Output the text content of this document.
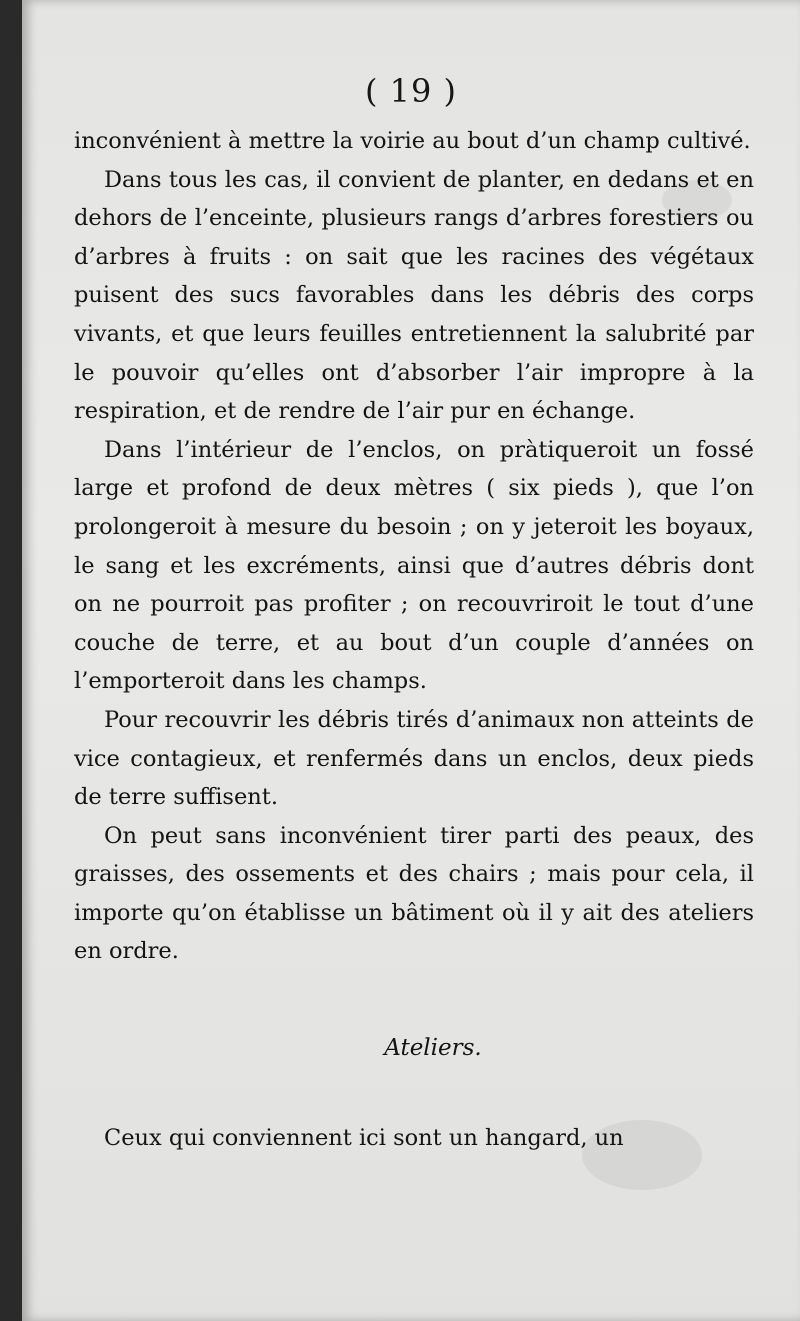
( 19 )

inconvénient à mettre la voirie au bout d’un champ cultivé.

Dans tous les cas, il convient de planter, en dedans et en dehors de l’enceinte, plusieurs rangs d’arbres forestiers ou d’arbres à fruits : on sait que les racines des végétaux puisent des sucs favorables dans les débris des corps vivants, et que leurs feuilles entretiennent la salubrité par le pouvoir qu’elles ont d’absorber l’air impropre à la respiration, et de rendre de l’air pur en échange.

Dans l’intérieur de l’enclos, on pràtiqueroit un fossé large et profond de deux mètres ( six pieds ), que l’on prolongeroit à mesure du besoin ; on y jeteroit les boyaux, le sang et les excréments, ainsi que d’autres débris dont on ne pourroit pas profiter ; on recouvriroit le tout d’une couche de terre, et au bout d’un couple d’années on l’emporteroit dans les champs.

Pour recouvrir les débris tirés d’animaux non atteints de vice contagieux, et renfermés dans un enclos, deux pieds de terre suffisent.

On peut sans inconvénient tirer parti des peaux, des graisses, des ossements et des chairs ; mais pour cela, il importe qu’on établisse un bâtiment où il y ait des ateliers en ordre.

Ateliers.

Ceux qui conviennent ici sont un hangard, un
